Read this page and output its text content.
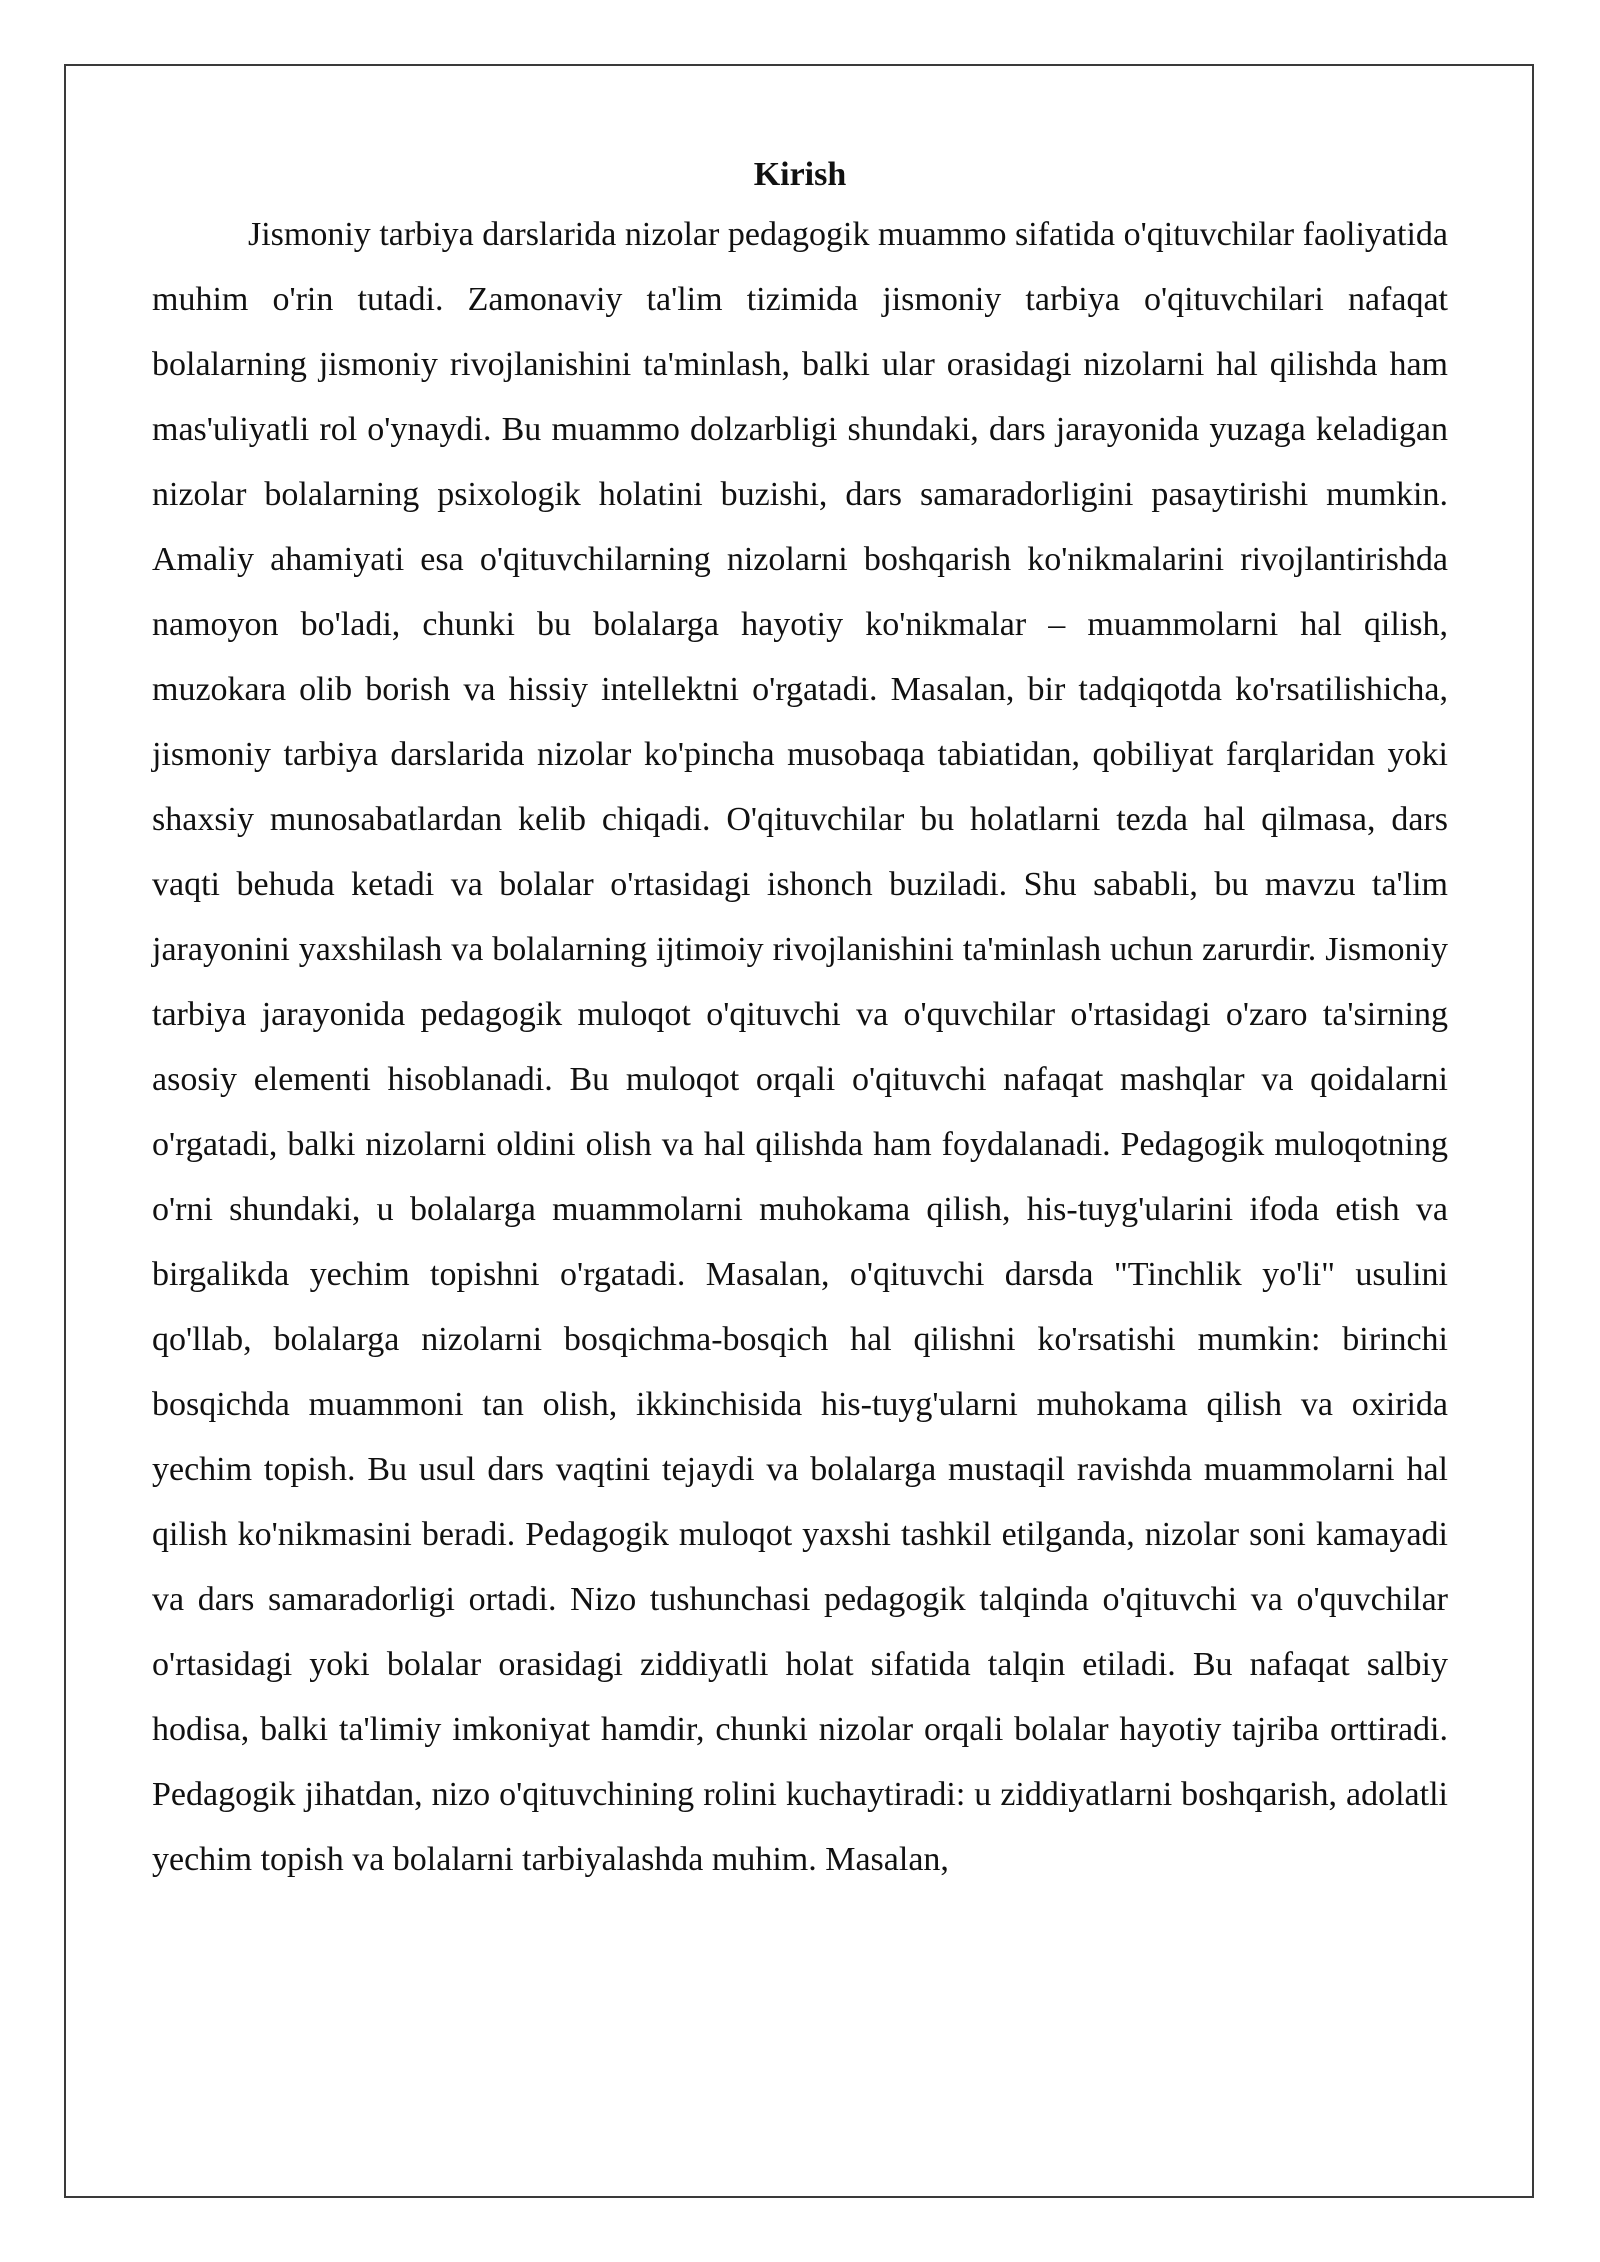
Kirish

Jismoniy tarbiya darslarida nizolar pedagogik muammo sifatida o'qituvchilar faoliyatida muhim o'rin tutadi. Zamonaviy ta'lim tizimida jismoniy tarbiya o'qituvchilari nafaqat bolalarning jismoniy rivojlanishini ta'minlash, balki ular orasidagi nizolarni hal qilishda ham mas'uliyatli rol o'ynaydi. Bu muammo dolzarbligi shundaki, dars jarayonida yuzaga keladigan nizolar bolalarning psixologik holatini buzishi, dars samaradorligini pasaytirishi mumkin. Amaliy ahamiyati esa o'qituvchilarning nizolarni boshqarish ko'nikmalarini rivojlantirishda namoyon bo'ladi, chunki bu bolalarga hayotiy ko'nikmalar – muammolarni hal qilish, muzokara olib borish va hissiy intellektni o'rgatadi. Masalan, bir tadqiqotda ko'rsatilishicha, jismoniy tarbiya darslarida nizolar ko'pincha musobaqa tabiatidan, qobiliyat farqlaridan yoki shaxsiy munosabatlardan kelib chiqadi. O'qituvchilar bu holatlarni tezda hal qilmasa, dars vaqti behuda ketadi va bolalar o'rtasidagi ishonch buziladi. Shu sababli, bu mavzu ta'lim jarayonini yaxshilash va bolalarning ijtimoiy rivojlanishini ta'minlash uchun zarurdir. Jismoniy tarbiya jarayonida pedagogik muloqot o'qituvchi va o'quvchilar o'rtasidagi o'zaro ta'sirning asosiy elementi hisoblanadi. Bu muloqot orqali o'qituvchi nafaqat mashqlar va qoidalarni o'rgatadi, balki nizolarni oldini olish va hal qilishda ham foydalanadi. Pedagogik muloqotning o'rni shundaki, u bolalarga muammolarni muhokama qilish, his-tuyg'ularini ifoda etish va birgalikda yechim topishni o'rgatadi. Masalan, o'qituvchi darsda "Tinchlik yo'li" usulini qo'llab, bolalarga nizolarni bosqichma-bosqich hal qilishni ko'rsatishi mumkin: birinchi bosqichda muammoni tan olish, ikkinchisida his-tuyg'ularni muhokama qilish va oxirida yechim topish. Bu usul dars vaqtini tejaydi va bolalarga mustaqil ravishda muammolarni hal qilish ko'nikmasini beradi. Pedagogik muloqot yaxshi tashkil etilganda, nizolar soni kamayadi va dars samaradorligi ortadi. Nizo tushunchasi pedagogik talqinda o'qituvchi va o'quvchilar o'rtasidagi yoki bolalar orasidagi ziddiyatli holat sifatida talqin etiladi. Bu nafaqat salbiy hodisa, balki ta'limiy imkoniyat hamdir, chunki nizolar orqali bolalar hayotiy tajriba orttiradi. Pedagogik jihatdan, nizo o'qituvchining rolini kuchaytiradi: u ziddiyatlarni boshqarish, adolatli yechim topish va bolalarni tarbiyalashda muhim. Masalan,
